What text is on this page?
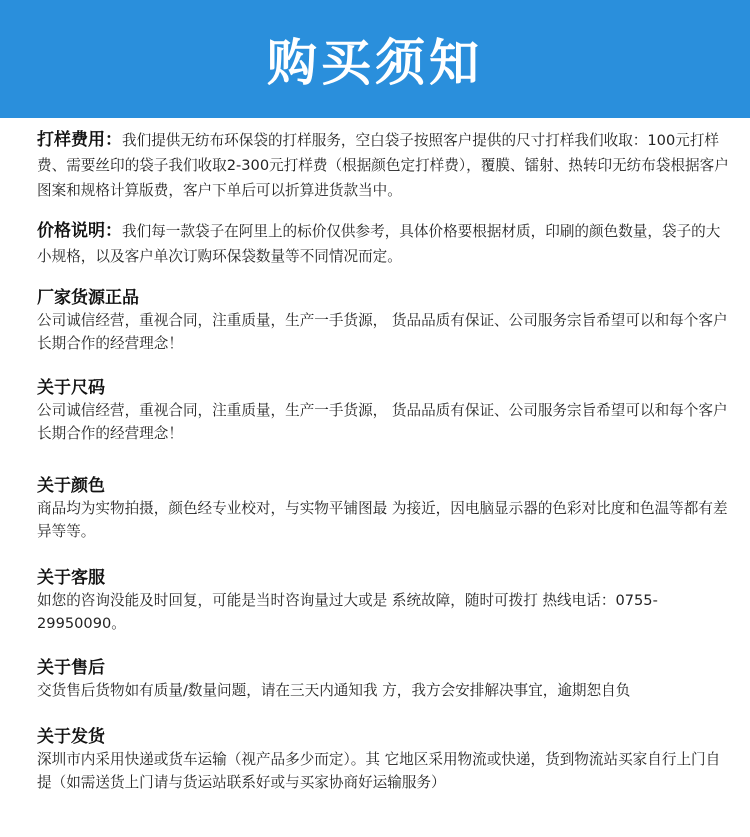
购买须知
打样费用：我们提供无纺布环保袋的打样服务，空白袋子按照客户提供的尺寸打样我们收取：100元打样费、需要丝印的袋子我们收取2-300元打样费（根据颜色定打样费），覆膜、镭射、热转印无纺布袋根据客户图案和规格计算版费，客户下单后可以折算进货款当中。
价格说明：我们每一款袋子在阿里上的标价仅供参考，具体价格要根据材质，印刷的颜色数量，袋子的大小规格，以及客户单次订购环保袋数量等不同情况而定。
厂家货源正品
公司诚信经营，重视合同，注重质量，生产一手货源， 货品品质有保证、公司服务宗旨希望可以和每个客户长期合作的经营理念！
关于尺码
公司诚信经营，重视合同，注重质量，生产一手货源， 货品品质有保证、公司服务宗旨希望可以和每个客户长期合作的经营理念！
关于颜色
商品均为实物拍摄，颜色经专业校对，与实物平铺图最 为接近，因电脑显示器的色彩对比度和色温等都有差异等等。
关于客服
如您的咨询没能及时回复，可能是当时咨询量过大或是 系统故障，随时可拨打 热线电话：0755-29950090。
关于售后
交货售后货物如有质量/数量问题，请在三天内通知我 方，我方会安排解决事宜，逾期恕自负
关于发货
深圳市内采用快递或货车运输（视产品多少而定）。其 它地区采用物流或快递，货到物流站买家自行上门自提（如需送货上门请与货运站联系好或与买家协商好运输服务）
